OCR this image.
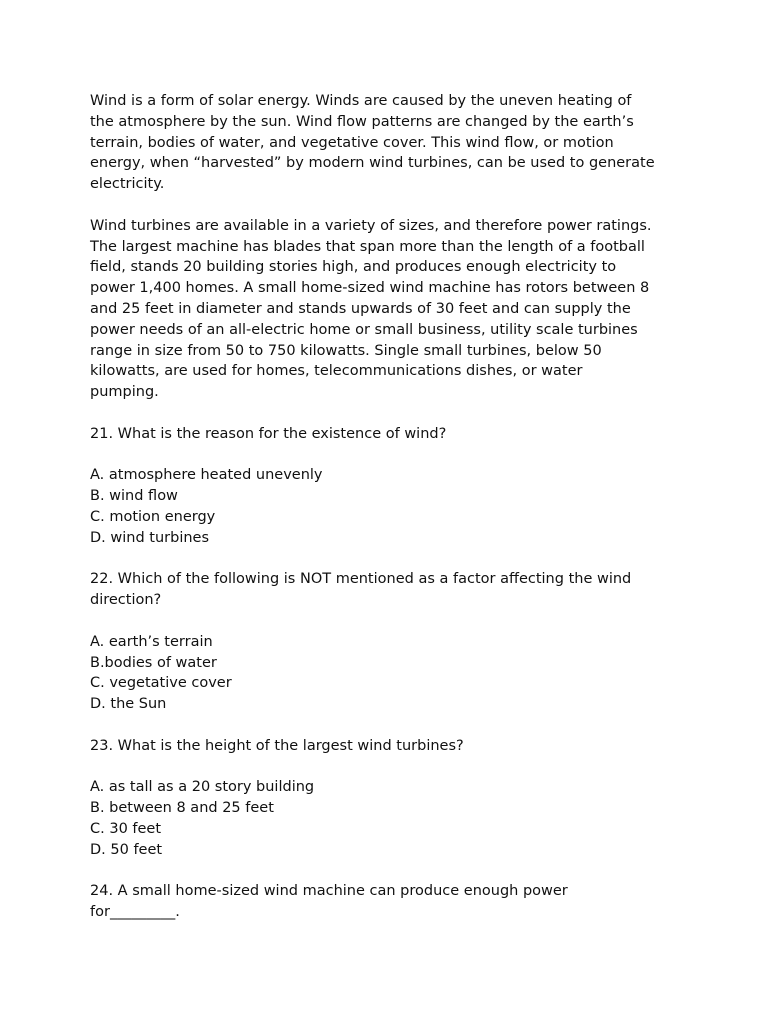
Wind is a form of solar energy. Winds are caused by the uneven heating of
the atmosphere by the sun. Wind flow patterns are changed by the earth’s
terrain, bodies of water, and vegetative cover. This wind flow, or motion
energy, when “harvested” by modern wind turbines, can be used to generate
electricity.
Wind turbines are available in a variety of sizes, and therefore power ratings.
The largest machine has blades that span more than the length of a football
field, stands 20 building stories high, and produces enough electricity to
power 1,400 homes. A small home-sized wind machine has rotors between 8
and 25 feet in diameter and stands upwards of 30 feet and can supply the
power needs of an all-electric home or small business, utility scale turbines
range in size from 50 to 750 kilowatts. Single small turbines, below 50
kilowatts, are used for homes, telecommunications dishes, or water
pumping.
21. What is the reason for the existence of wind?
A. atmosphere heated unevenly
B. wind flow
C. motion energy
D. wind turbines
22. Which of the following is NOT mentioned as a factor affecting the wind
direction?
A. earth’s terrain
B.bodies of water
C. vegetative cover
D. the Sun
23. What is the height of the largest wind turbines?
A. as tall as a 20 story building
B. between 8 and 25 feet
C. 30 feet
D. 50 feet
24. A small home-sized wind machine can produce enough power
for_________.
